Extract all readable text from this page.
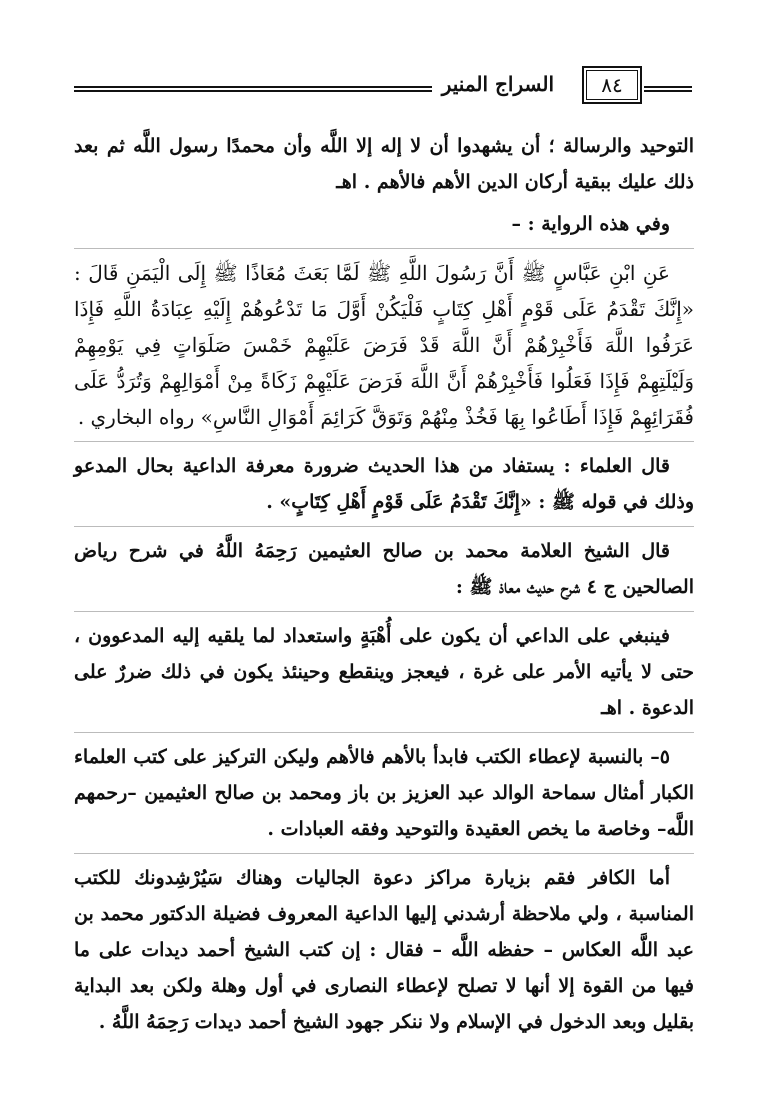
السراج المنير	٨٤

التوحيد والرسالة ؛ أن يشهدوا أن لا إله إلا اللَّه وأن محمدًا رسول اللَّه ثم بعد ذلك عليك ببقية أركان الدين الأهم فالأهم . اهـ

وفي هذه الرواية : –

عَنِ ابْنِ عَبَّاسٍ ﷺ أَنَّ رَسُولَ اللَّهِ ﷺ لَمَّا بَعَثَ مُعَاذًا ﷺ إِلَى الْيَمَنِ قَالَ : «إِنَّكَ تَقْدَمُ عَلَى قَوْمٍ أَهْلِ كِتَابٍ فَلْيَكُنْ أَوَّلَ مَا تَدْعُوهُمْ إِلَيْهِ عِبَادَةُ اللَّهِ فَإِذَا عَرَفُوا اللَّهَ فَأَخْبِرْهُمْ أَنَّ اللَّهَ قَدْ فَرَضَ عَلَيْهِمْ خَمْسَ صَلَوَاتٍ فِي يَوْمِهِمْ وَلَيْلَتِهِمْ فَإِذَا فَعَلُوا فَأَخْبِرْهُمْ أَنَّ اللَّهَ فَرَضَ عَلَيْهِمْ زَكَاةً مِنْ أَمْوَالِهِمْ وَتُرَدُّ عَلَى فُقَرَائِهِمْ فَإِذَا أَطَاعُوا بِهَا فَخُذْ مِنْهُمْ وَتَوَقَّ كَرَائِمَ أَمْوَالِ النَّاسِ» رواه البخاري .

قال العلماء : يستفاد من هذا الحديث ضرورة معرفة الداعية بحال المدعو وذلك في قوله ﷺ : «إِنَّكَ تَقْدَمُ عَلَى قَوْمٍ أَهْلِ كِتَابٍ» .

قال الشيخ العلامة محمد بن صالح العثيمين رَحِمَهُ اللَّهُ في شرح رياض الصالحين ج ٤ شرح حديث معاذ ﷺ :

فينبغي على الداعي أن يكون على أُهْبَةٍ واستعداد لما يلقيه إليه المدعوون ، حتى لا يأتيه الأمر على غرة ، فيعجز وينقطع وحينئذ يكون في ذلك ضررٌ على الدعوة . اهـ

٥– بالنسبة لإعطاء الكتب فابدأ بالأهم فالأهم وليكن التركيز على كتب العلماء الكبار أمثال سماحة الوالد عبد العزيز بن باز ومحمد بن صالح العثيمين –رحمهم اللَّه– وخاصة ما يخص العقيدة والتوحيد وفقه العبادات .

أما الكافر فقم بزيارة مراكز دعوة الجاليات وهناك سَيُرْشِدونك للكتب المناسبة ، ولي ملاحظة أرشدني إليها الداعية المعروف فضيلة الدكتور محمد بن عبد اللَّه العكاس – حفظه اللَّه – فقال : إن كتب الشيخ أحمد ديدات على ما فيها من القوة إلا أنها لا تصلح لإعطاء النصارى في أول وهلة ولكن بعد البداية بقليل وبعد الدخول في الإسلام ولا ننكر جهود الشيخ أحمد ديدات رَحِمَهُ اللَّهُ .
